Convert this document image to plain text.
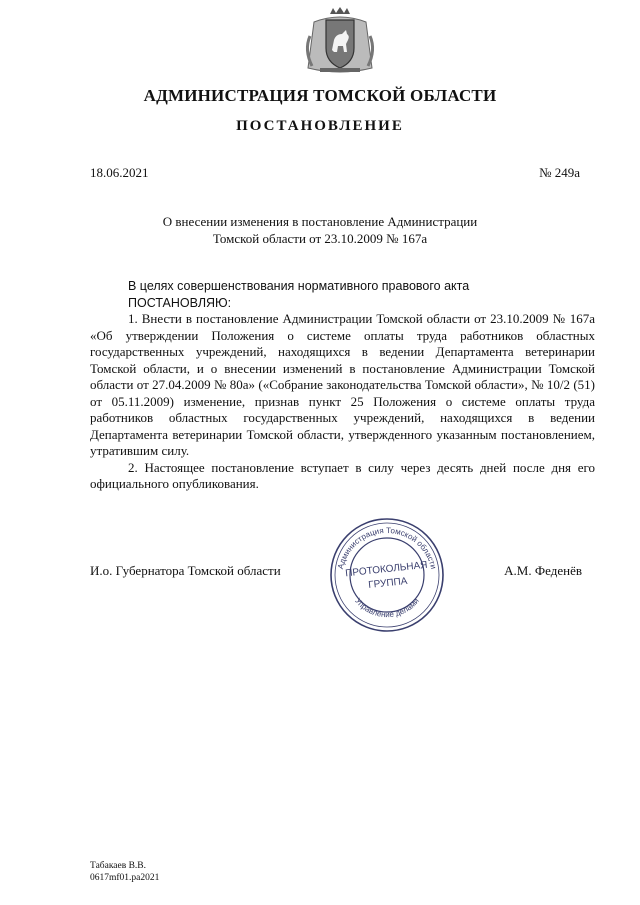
АДМИНИСТРАЦИЯ ТОМСКОЙ ОБЛАСТИ
ПОСТАНОВЛЕНИЕ
18.06.2021	№ 249а
О внесении изменения в постановление Администрации
Томской области от 23.10.2009 № 167а

В целях совершенствования нормативного правового акта

ПОСТАНОВЛЯЮ:

1. Внести в постановление Администрации Томской области от 23.10.2009 № 167а «Об утверждении Положения о системе оплаты труда работников областных государственных учреждений, находящихся в ведении Департамента ветеринарии Томской области, и о внесении изменений в постановление Администрации Томской области от 27.04.2009 № 80а» («Собрание законодательства Томской области», № 10/2 (51) от 05.11.2009) изменение, признав пункт 25 Положения о системе оплаты труда работников областных государственных учреждений, находящихся в ведении Департамента ветеринарии Томской области, утвержденного указанным постановлением, утратившим силу.

2. Настоящее постановление вступает в силу через десять дней после дня его официального опубликования.

И.о. Губернатора Томской области	А.М. Феденёв
Администрация Томской области
Управление делами
ПРОТОКОЛЬНАЯ
ГРУППА
Табакаев В.В.
0617mf01.ра2021
